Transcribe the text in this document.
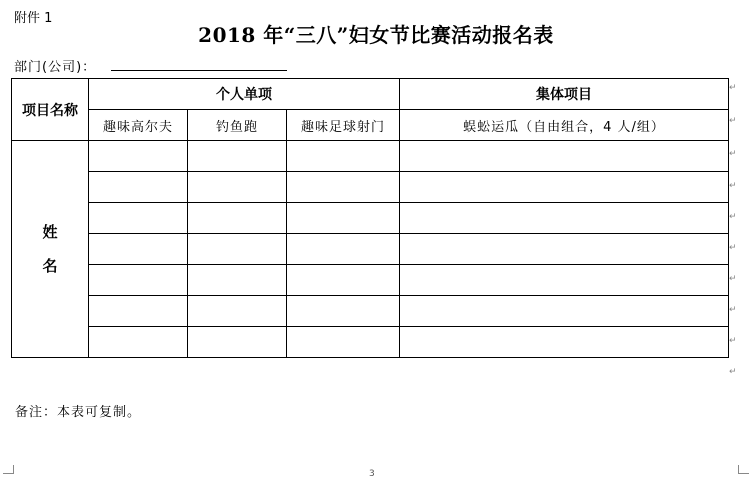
附件 1
2018 年“三八”妇女节比赛活动报名表
部门(公司)：
项目名称	个人单项			集体项目
	趣味高尔夫	钓鱼跑	趣味足球射门	蜈蚣运瓜（自由组合，4 人/组）
姓
名				

备注：本表可复制。
3
↵
↵
↵
↵
↵
↵
↵
↵
↵
↵
